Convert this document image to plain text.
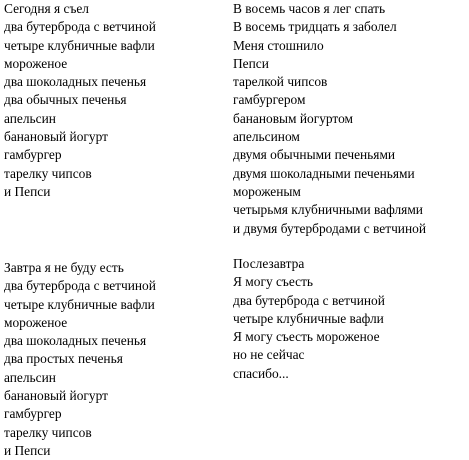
Сегодня я съел
два бутерброда с ветчиной
четыре клубничные вафли
мороженое
два шоколадных печенья
два обычных печенья
апельсин
банановый йогурт
гамбургер
тарелку чипсов
и Пепси
В восемь часов я лег спать
В восемь тридцать я заболел
Меня стошнило
Пепси
тарелкой чипсов
гамбургером
банановым йогуртом
апельсином
двумя обычными печеньями
двумя шоколадными печеньями
мороженым
четырьмя клубничными вафлями
и двумя бутербродами с ветчиной
Завтра я не буду есть
два бутерброда с ветчиной
четыре клубничные вафли
мороженое
два шоколадных печенья
два простых печенья
апельсин
банановый йогурт
гамбургер
тарелку чипсов
и Пепси
Послезавтра
Я могу съесть
два бутерброда с ветчиной
четыре клубничные вафли
Я могу съесть мороженое
но не сейчас
спасибо...
